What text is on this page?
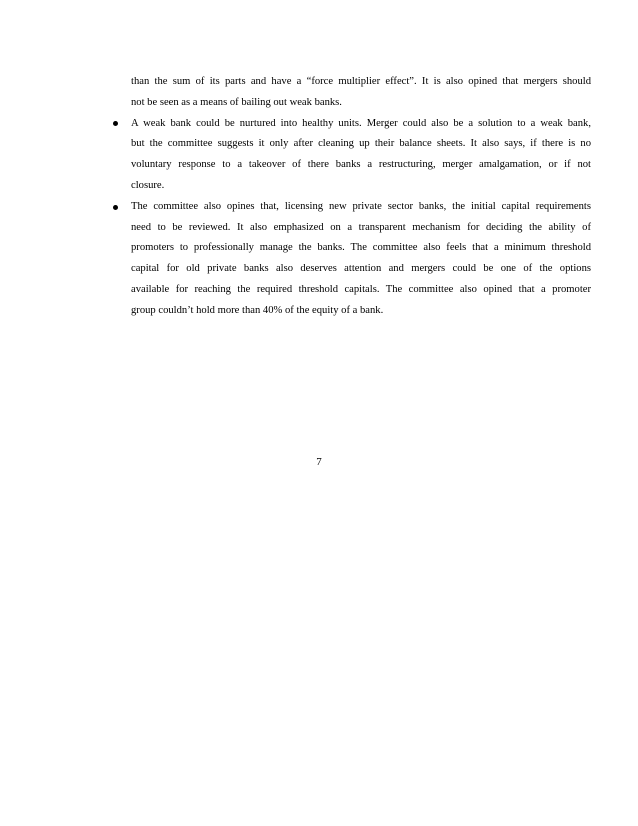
than the sum of its parts and have a “force multiplier effect”. It is also opined that mergers should
not be seen as a means of bailing out weak banks.
A weak bank could be nurtured into healthy units. Merger could also be a solution to a weak bank,
but the committee suggests it only after cleaning up their balance sheets. It also says, if there is no
voluntary response to a takeover of there banks a restructuring, merger amalgamation, or if not
closure.
The committee also opines that, licensing new private sector banks, the initial capital requirements
need to be reviewed. It also emphasized on a transparent mechanism for deciding the ability of
promoters to professionally manage the banks. The committee also feels that a minimum threshold
capital for old private banks also deserves attention and mergers could be one of the options
available for reaching the required threshold capitals. The committee also opined that a promoter
group couldn’t hold more than 40% of the equity of a bank.
7
